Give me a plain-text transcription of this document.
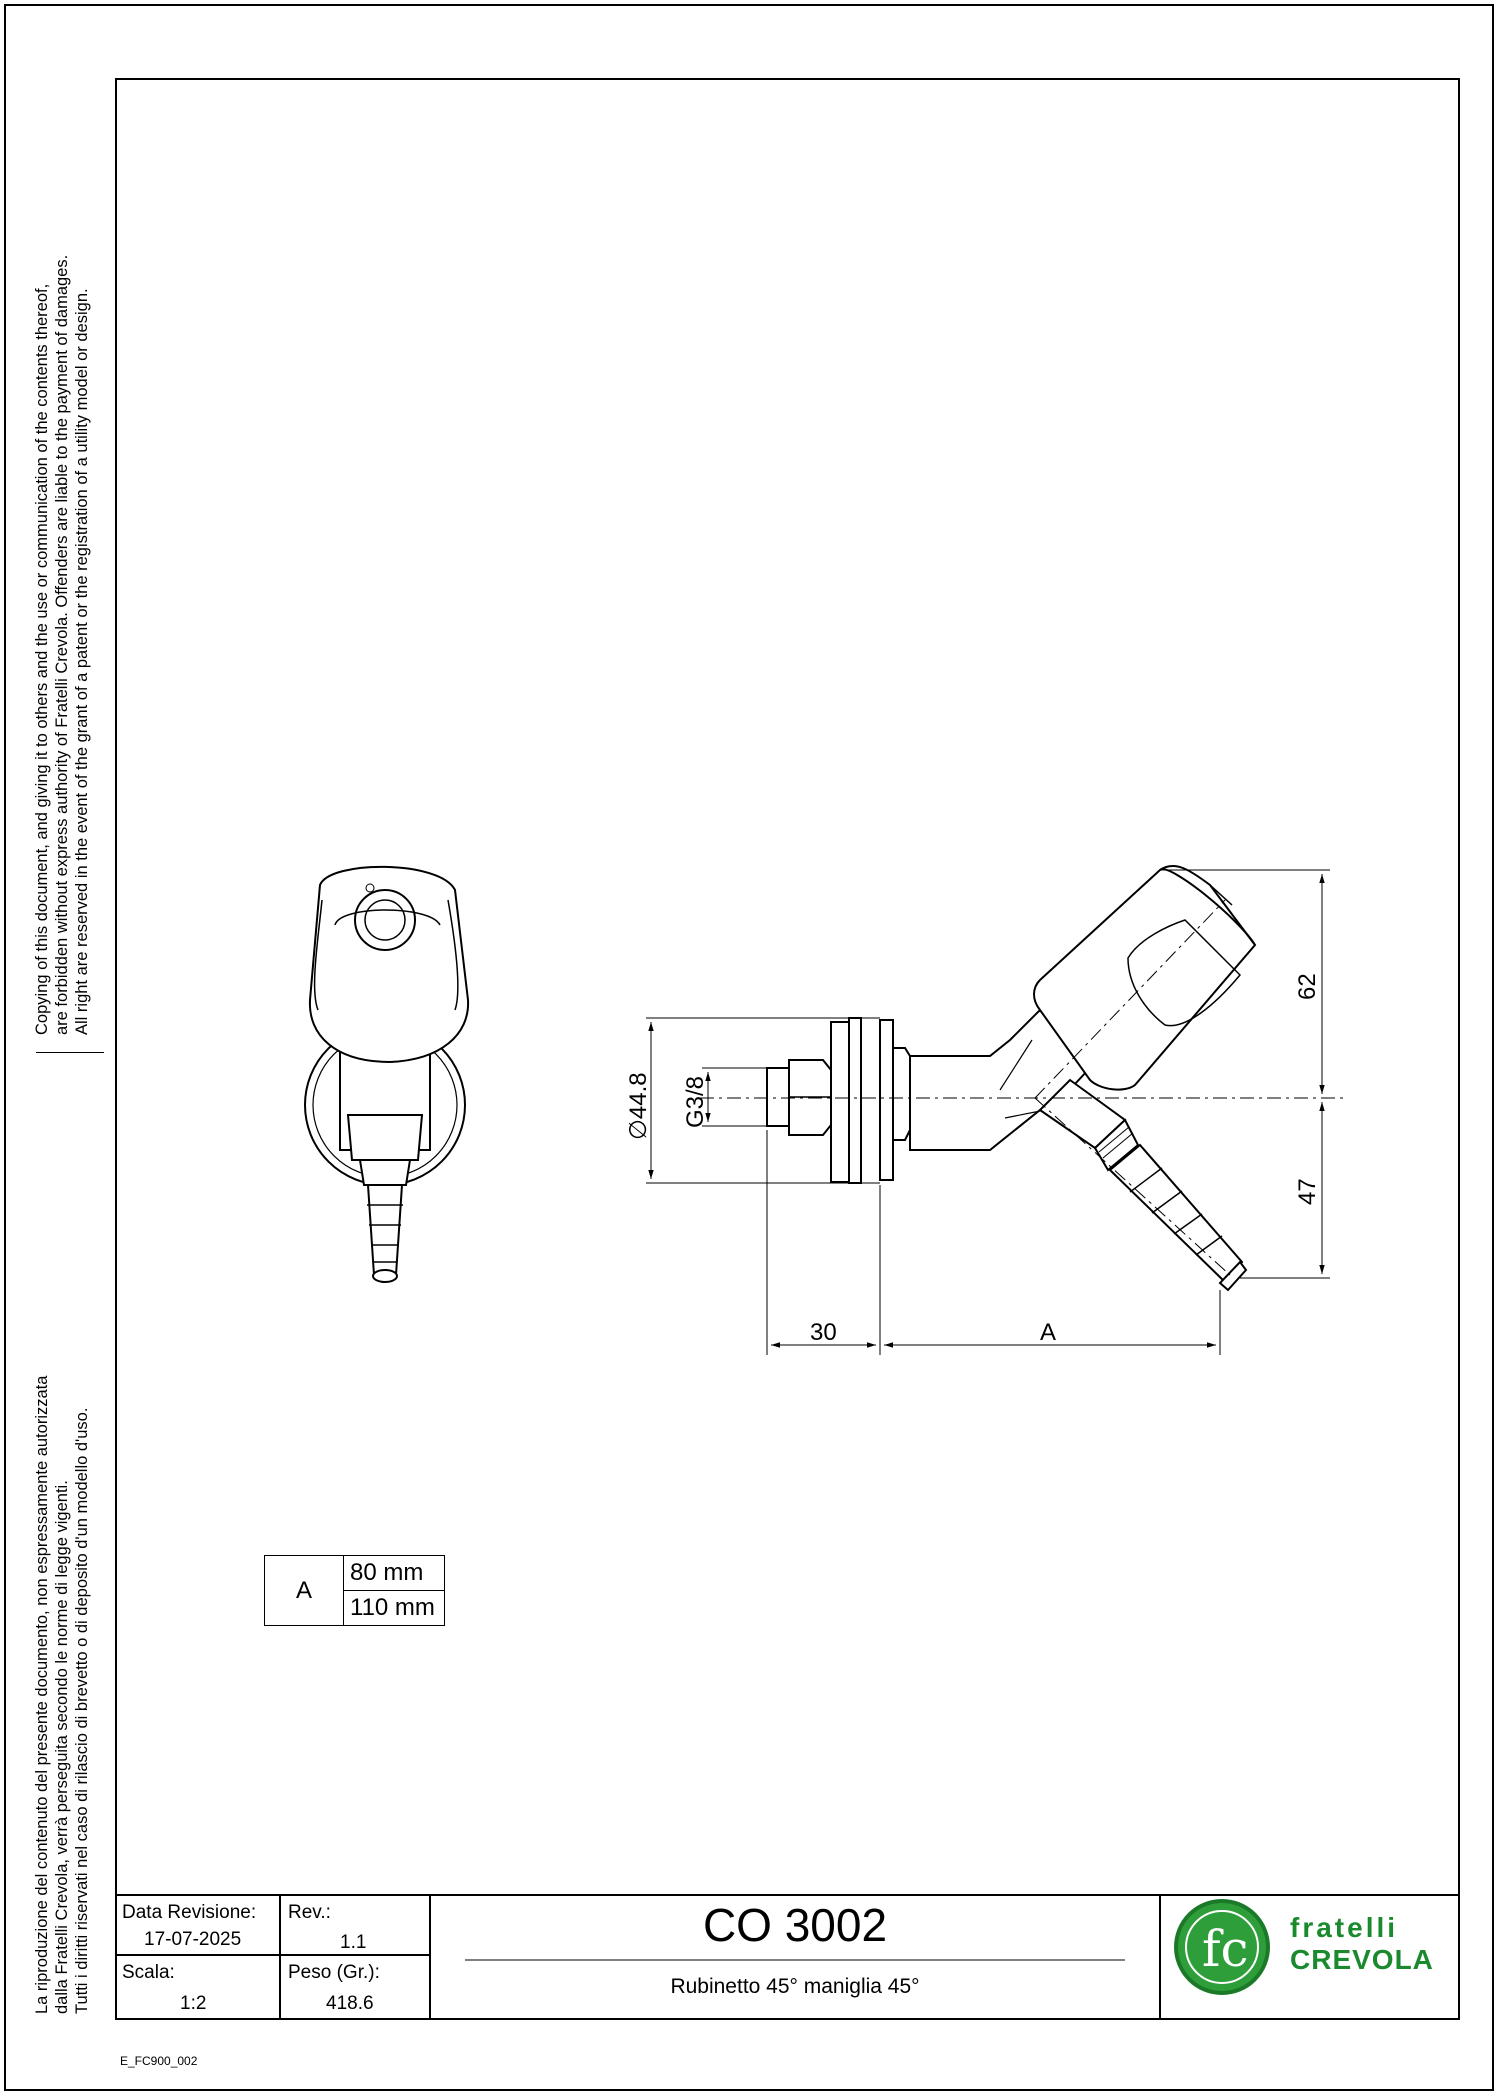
Copying of this document, and giving it to others and the use or communication of the contents thereof, are forbidden without express authority of Fratelli Crevola. Offenders are liable to the payment of damages. All right are reserved in the event of the grant of a patent or the registration of a utility model or design.
La riproduzione del contenuto del presente documento, non espressamente autorizzata dalla Fratelli Crevola, verrà perseguita secondo le norme di legge vigenti. Tutti i diritti riservati nel caso di rilascio di brevetto o di deposito d'un modello d'uso.
∅44.8 G3/8
62
47
30	A
fc
A	80 mm
110 mm
Data Revisione:
17-07-2025
Rev.:
1.1
Scala:
1:2
Peso (Gr.):
418.6
CO 3002
Rubinetto 45° maniglia 45°
fratelli
CREVOLA
E_FC900_002
